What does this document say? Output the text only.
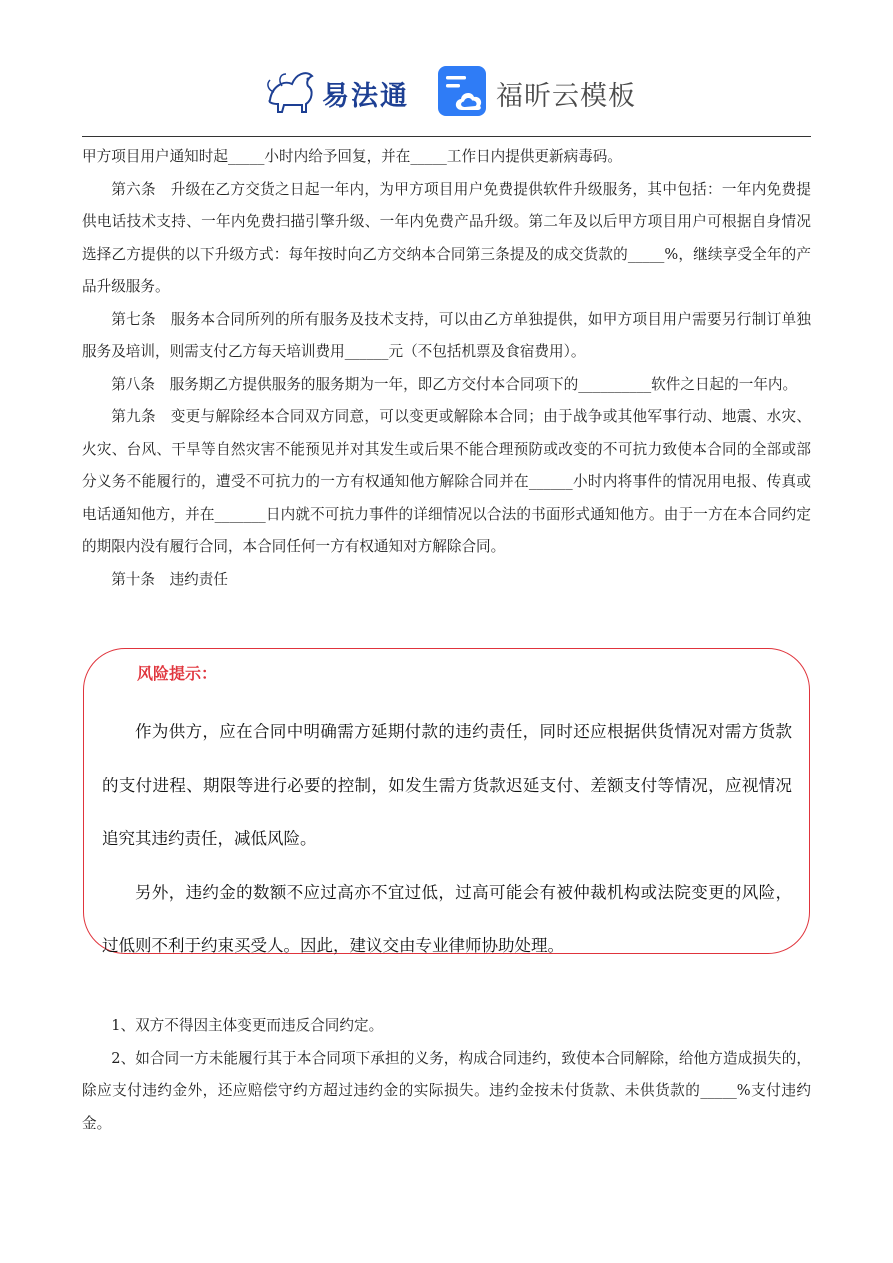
易法通	福昕云模板

甲方项目用户通知时起_____小时内给予回复，并在_____工作日内提供更新病毒码。

第六条　升级在乙方交货之日起一年内，为甲方项目用户免费提供软件升级服务，其中包括：一年内免费提供电话技术支持、一年内免费扫描引擎升级、一年内免费产品升级。第二年及以后甲方项目用户可根据自身情况选择乙方提供的以下升级方式：每年按时向乙方交纳本合同第三条提及的成交货款的_____%，继续享受全年的产品升级服务。

第七条　服务本合同所列的所有服务及技术支持，可以由乙方单独提供，如甲方项目用户需要另行制订单独服务及培训，则需支付乙方每天培训费用______元（不包括机票及食宿费用）。

第八条　服务期乙方提供服务的服务期为一年，即乙方交付本合同项下的__________软件之日起的一年内。

第九条　变更与解除经本合同双方同意，可以变更或解除本合同；由于战争或其他军事行动、地震、水灾、火灾、台风、干旱等自然灾害不能预见并对其发生或后果不能合理预防或改变的不可抗力致使本合同的全部或部分义务不能履行的，遭受不可抗力的一方有权通知他方解除合同并在______小时内将事件的情况用电报、传真或电话通知他方，并在_______日内就不可抗力事件的详细情况以合法的书面形式通知他方。由于一方在本合同约定的期限内没有履行合同，本合同任何一方有权通知对方解除合同。

第十条　违约责任

风险提示：

作为供方，应在合同中明确需方延期付款的违约责任，同时还应根据供货情况对需方货款的支付进程、期限等进行必要的控制，如发生需方货款迟延支付、差额支付等情况，应视情况追究其违约责任，减低风险。

另外，违约金的数额不应过高亦不宜过低，过高可能会有被仲裁机构或法院变更的风险，过低则不利于约束买受人。因此，建议交由专业律师协助处理。

1、双方不得因主体变更而违反合同约定。

2、如合同一方未能履行其于本合同项下承担的义务，构成合同违约，致使本合同解除，给他方造成损失的，除应支付违约金外，还应赔偿守约方超过违约金的实际损失。违约金按未付货款、未供货款的_____%支付违约金。
